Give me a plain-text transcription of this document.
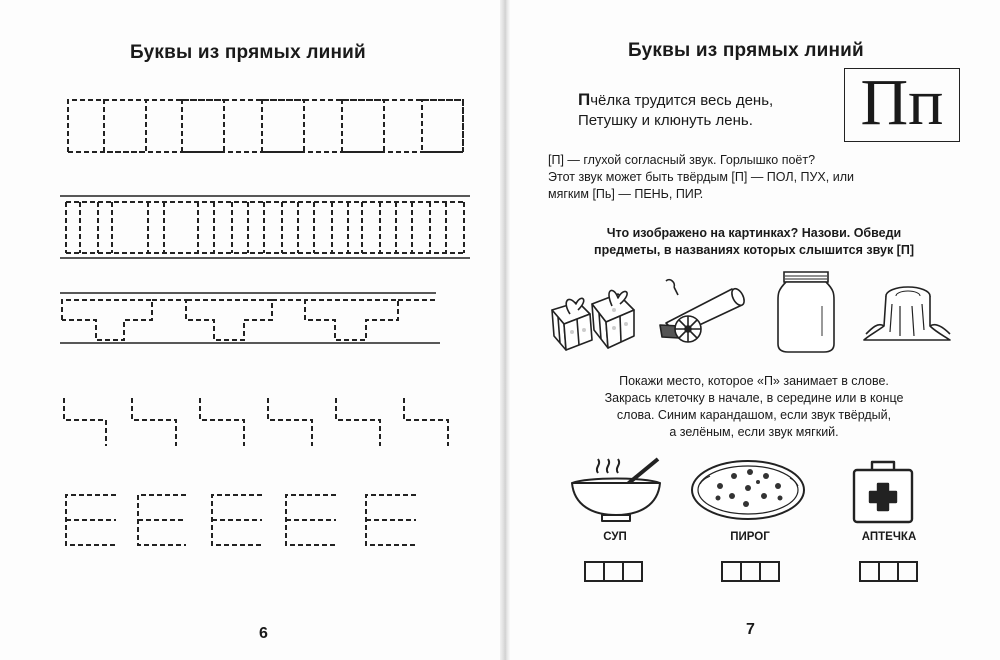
Буквы из прямых линий
6
Буквы из прямых линий
Пчёлка трудится весь день,
Петушку и клюнуть лень.	Пп
[П] — глухой согласный звук. Горлышко поёт?
Этот звук может быть твёрдым [П] — ПОЛ, ПУХ, или
мягким [Пь] — ПЕНЬ, ПИР.
Что изображено на картинках? Назови. Обведи
предметы, в названиях которых слышится звук [П]
Покажи место, которое «П» занимает в слове.
Закрась клеточку в начале, в середине или в конце
слова. Синим карандашом, если звук твёрдый,
а зелёным, если звук мягкий.
СУП	ПИРОГ	АПТЕЧКА
7
